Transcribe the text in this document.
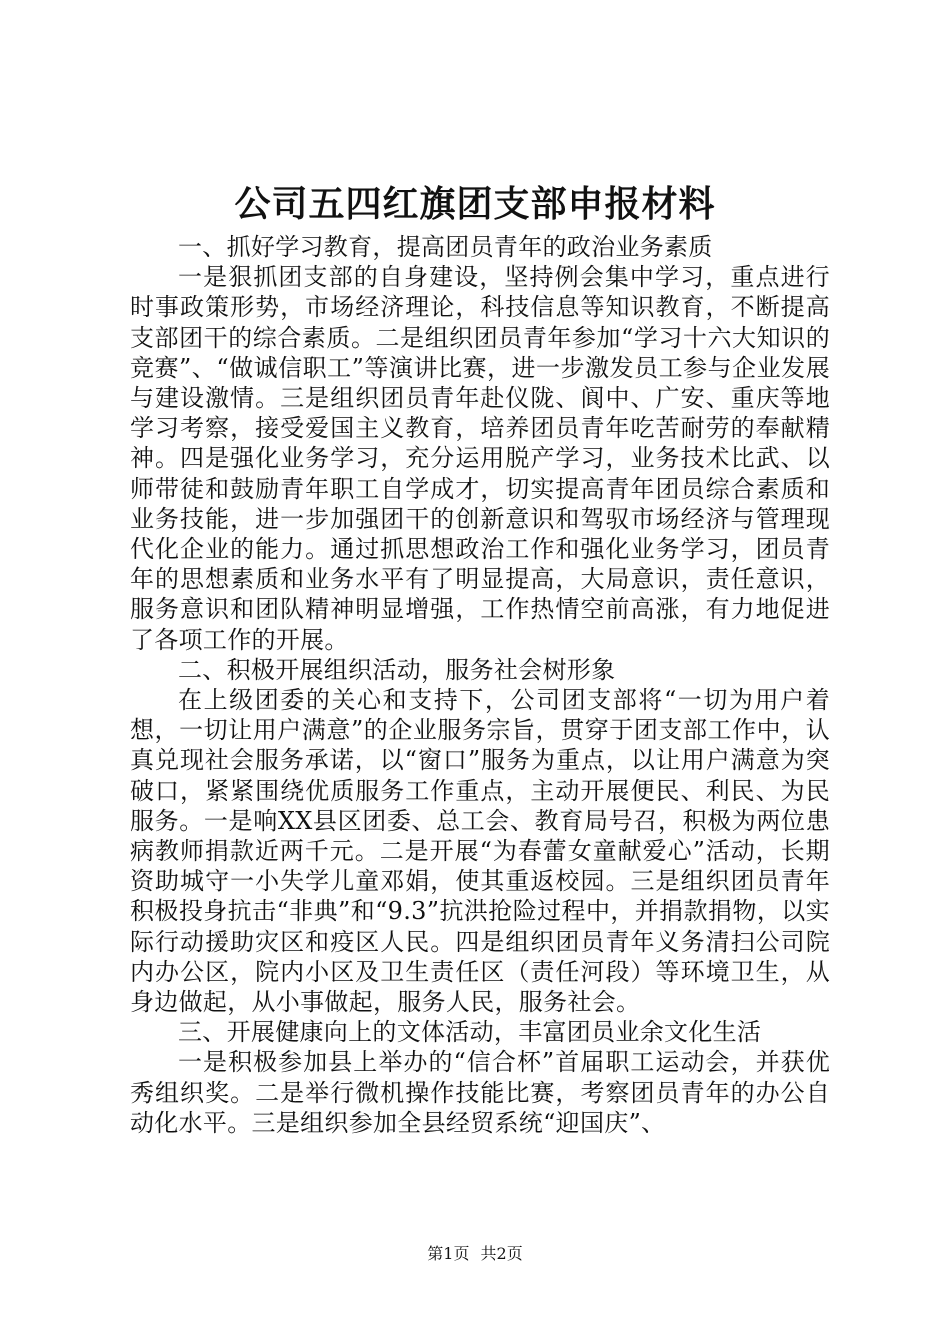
公司五四红旗团支部申报材料

一、抓好学习教育，提高团员青年的政治业务素质

一是狠抓团支部的自身建设，坚持例会集中学习，重点进行时事政策形势，市场经济理论，科技信息等知识教育，不断提高支部团干的综合素质。二是组织团员青年参加“学习十六大知识的竞赛”、“做诚信职工”等演讲比赛，进一步激发员工参与企业发展与建设激情。三是组织团员青年赴仪陇、阆中、广安、重庆等地学习考察，接受爱国主义教育，培养团员青年吃苦耐劳的奉献精神。四是强化业务学习，充分运用脱产学习，业务技术比武、以师带徒和鼓励青年职工自学成才，切实提高青年团员综合素质和业务技能，进一步加强团干的创新意识和驾驭市场经济与管理现代化企业的能力。通过抓思想政治工作和强化业务学习，团员青年的思想素质和业务水平有了明显提高，大局意识，责任意识，服务意识和团队精神明显增强，工作热情空前高涨，有力地促进了各项工作的开展。

二、积极开展组织活动，服务社会树形象

在上级团委的关心和支持下，公司团支部将“一切为用户着想，一切让用户满意”的企业服务宗旨，贯穿于团支部工作中，认真兑现社会服务承诺，以“窗口”服务为重点，以让用户满意为突破口，紧紧围绕优质服务工作重点，主动开展便民、利民、为民服务。一是响XX县区团委、总工会、教育局号召，积极为两位患病教师捐款近两千元。二是开展“为春蕾女童献爱心”活动，长期资助城守一小失学儿童邓娟，使其重返校园。三是组织团员青年积极投身抗击“非典”和“9.3”抗洪抢险过程中，并捐款捐物，以实际行动援助灾区和疫区人民。四是组织团员青年义务清扫公司院内办公区，院内小区及卫生责任区（责任河段）等环境卫生，从身边做起，从小事做起，服务人民，服务社会。

三、开展健康向上的文体活动，丰富团员业余文化生活

一是积极参加县上举办的“信合杯”首届职工运动会，并获优秀组织奖。二是举行微机操作技能比赛，考察团员青年的办公自动化水平。三是组织参加全县经贸系统“迎国庆”、

第1页 共2页
